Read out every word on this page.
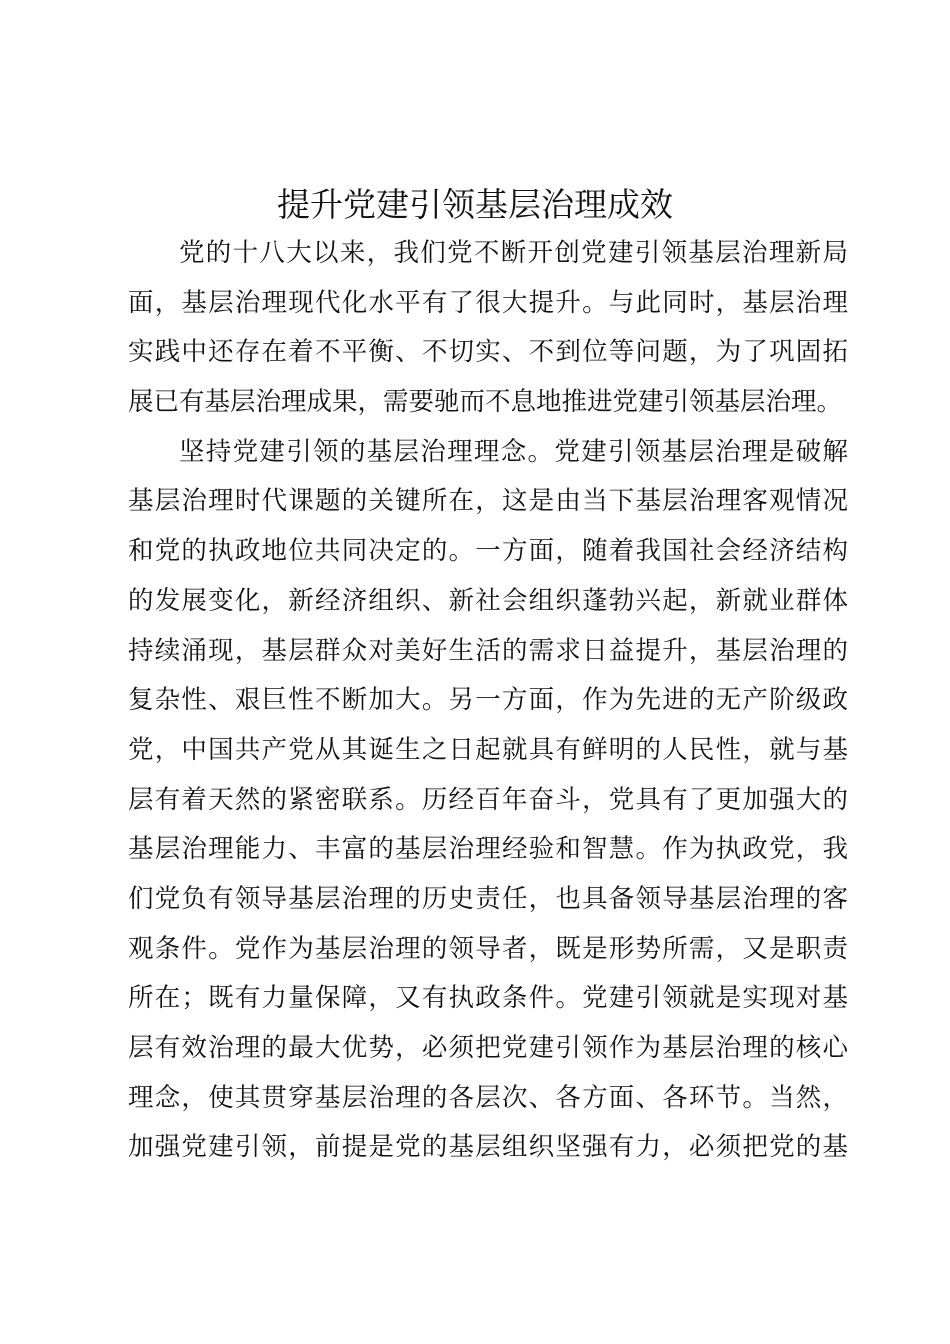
提升党建引领基层治理成效
党的十八大以来，我们党不断开创党建引领基层治理新局
面，基层治理现代化水平有了很大提升。与此同时，基层治理
实践中还存在着不平衡、不切实、不到位等问题，为了巩固拓
展已有基层治理成果，需要驰而不息地推进党建引领基层治理。
坚持党建引领的基层治理理念。党建引领基层治理是破解
基层治理时代课题的关键所在，这是由当下基层治理客观情况
和党的执政地位共同决定的。一方面，随着我国社会经济结构
的发展变化，新经济组织、新社会组织蓬勃兴起，新就业群体
持续涌现，基层群众对美好生活的需求日益提升，基层治理的
复杂性、艰巨性不断加大。另一方面，作为先进的无产阶级政
党，中国共产党从其诞生之日起就具有鲜明的人民性，就与基
层有着天然的紧密联系。历经百年奋斗，党具有了更加强大的
基层治理能力、丰富的基层治理经验和智慧。作为执政党，我
们党负有领导基层治理的历史责任，也具备领导基层治理的客
观条件。党作为基层治理的领导者，既是形势所需，又是职责
所在；既有力量保障，又有执政条件。党建引领就是实现对基
层有效治理的最大优势，必须把党建引领作为基层治理的核心
理念，使其贯穿基层治理的各层次、各方面、各环节。当然，
加强党建引领，前提是党的基层组织坚强有力，必须把党的基
